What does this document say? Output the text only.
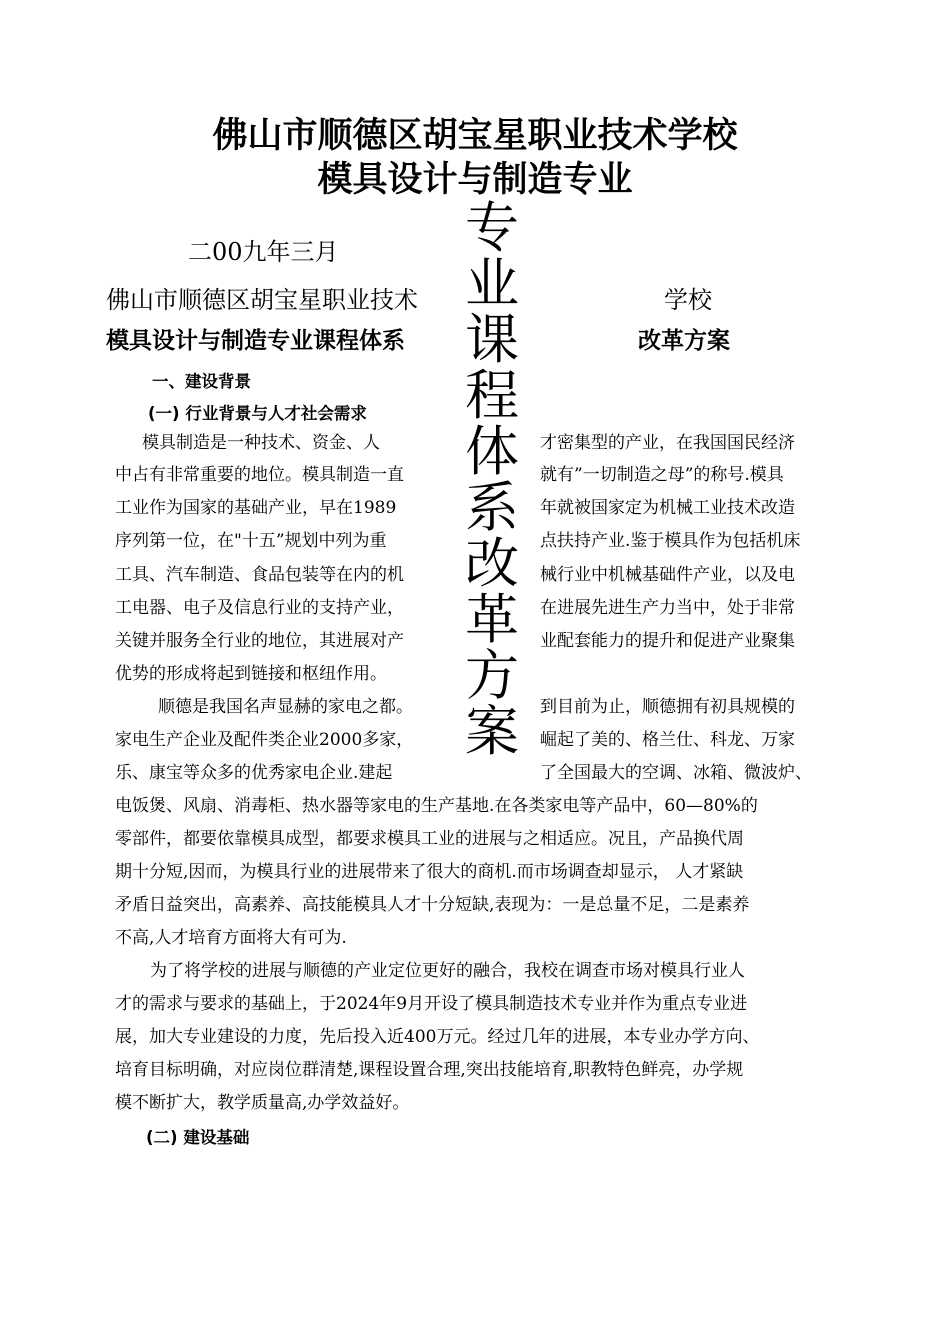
佛山市顺德区胡宝星职业技术学校
模具设计与制造专业
二00九年三月
佛山市顺德区胡宝星职业技术	学校
模具设计与制造专业课程体系	改革方案
专
业
课
程
体
系
改
革
方
案
一、建设背景
(一) 行业背景与人才社会需求
模具制造是一种技术、资金、人
中占有非常重要的地位。模具制造一直
工业作为国家的基础产业，早在1989
序列第一位，在"十五”规划中列为重
工具、汽车制造、食品包装等在内的机
工电器、电子及信息行业的支持产业，
关键并服务全行业的地位，其进展对产
优势的形成将起到链接和枢纽作用。
才密集型的产业，在我国国民经济
就有”一切制造之母”的称号.模具
年就被国家定为机械工业技术改造
点扶持产业.鉴于模具作为包括机床
械行业中机械基础件产业，以及电
在进展先进生产力当中，处于非常
业配套能力的提升和促进产业聚集
顺德是我国名声显赫的家电之都。
家电生产企业及配件类企业2000多家，
乐、康宝等众多的优秀家电企业.建起
到目前为止，顺德拥有初具规模的
崛起了美的、格兰仕、科龙、万家
了全国最大的空调、冰箱、微波炉、
电饭煲、风扇、消毒柜、热水器等家电的生产基地.在各类家电等产品中，60—80%的
零部件，都要依靠模具成型，都要求模具工业的进展与之相适应。况且，产品换代周
期十分短,因而，为模具行业的进展带来了很大的商机.而市场调查却显示， 人才紧缺
矛盾日益突出，高素养、高技能模具人才十分短缺,表现为：一是总量不足，二是素养
不高,人才培育方面将大有可为.
为了将学校的进展与顺德的产业定位更好的融合，我校在调查市场对模具行业人
才的需求与要求的基础上，于2024年9月开设了模具制造技术专业并作为重点专业进
展，加大专业建设的力度，先后投入近400万元。经过几年的进展，本专业办学方向、
培育目标明确，对应岗位群清楚,课程设置合理,突出技能培育,职教特色鲜亮，办学规
模不断扩大，教学质量高,办学效益好。
(二) 建设基础
